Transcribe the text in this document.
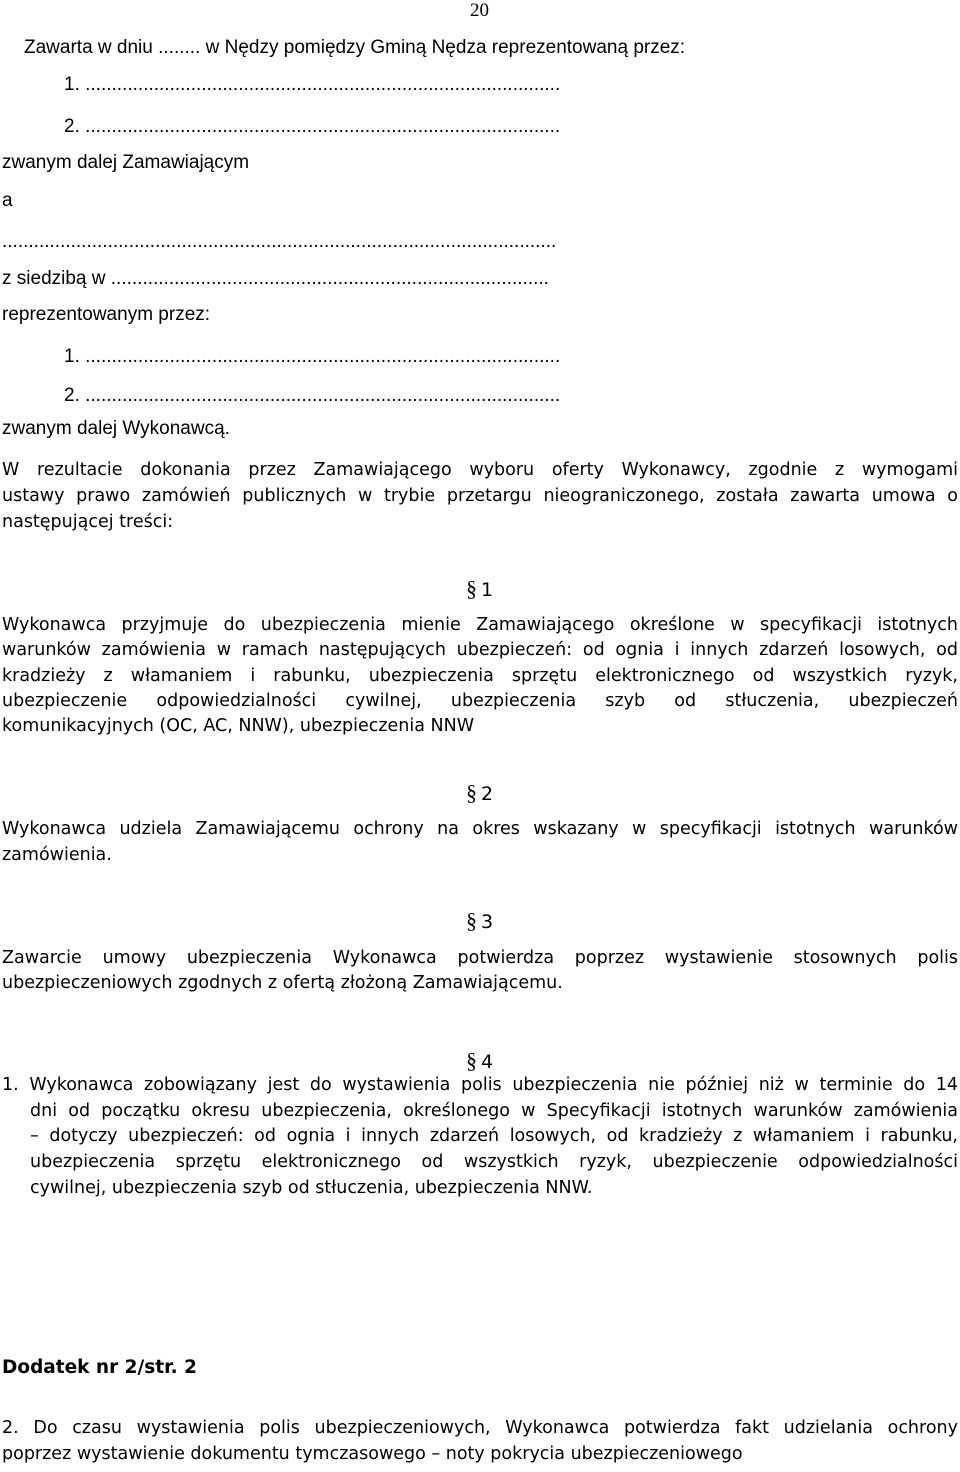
20
Zawarta w dniu ........ w Nędzy pomiędzy Gminą Nędza reprezentowaną przez:
1. ..........................................................................................
2. ..........................................................................................
zwanym dalej Zamawiającym
a
.........................................................................................................
z siedzibą w ...................................................................................
reprezentowanym przez:
1. ..........................................................................................
2. ..........................................................................................
zwanym dalej Wykonawcą.
W rezultacie dokonania przez Zamawiającego wyboru oferty Wykonawcy, zgodnie z wymogami
ustawy prawo zamówień publicznych w trybie przetargu nieograniczonego, została zawarta umowa o
następującej treści:
§ 1
Wykonawca przyjmuje do ubezpieczenia mienie Zamawiającego określone w specyfikacji istotnych
warunków zamówienia w ramach następujących ubezpieczeń: od ognia i innych zdarzeń losowych, od
kradzieży z włamaniem i rabunku, ubezpieczenia sprzętu elektronicznego od wszystkich ryzyk,
ubezpieczenie odpowiedzialności cywilnej, ubezpieczenia szyb od stłuczenia, ubezpieczeń
komunikacyjnych (OC, AC, NNW), ubezpieczenia NNW
§ 2
Wykonawca udziela Zamawiającemu ochrony na okres wskazany w specyfikacji istotnych warunków
zamówienia.
§ 3
Zawarcie umowy ubezpieczenia Wykonawca potwierdza poprzez wystawienie stosownych polis
ubezpieczeniowych zgodnych z ofertą złożoną Zamawiającemu.
§ 4
1. Wykonawca zobowiązany jest do wystawienia polis ubezpieczenia nie później niż w terminie do 14
dni od początku okresu ubezpieczenia, określonego w Specyfikacji istotnych warunków zamówienia
– dotyczy ubezpieczeń: od ognia i innych zdarzeń losowych, od kradzieży z włamaniem i rabunku,
ubezpieczenia sprzętu elektronicznego od wszystkich ryzyk, ubezpieczenie odpowiedzialności
cywilnej, ubezpieczenia szyb od stłuczenia, ubezpieczenia NNW.
Dodatek nr 2/str. 2
2. Do czasu wystawienia polis ubezpieczeniowych, Wykonawca potwierdza fakt udzielania ochrony
poprzez wystawienie dokumentu tymczasowego – noty pokrycia ubezpieczeniowego
